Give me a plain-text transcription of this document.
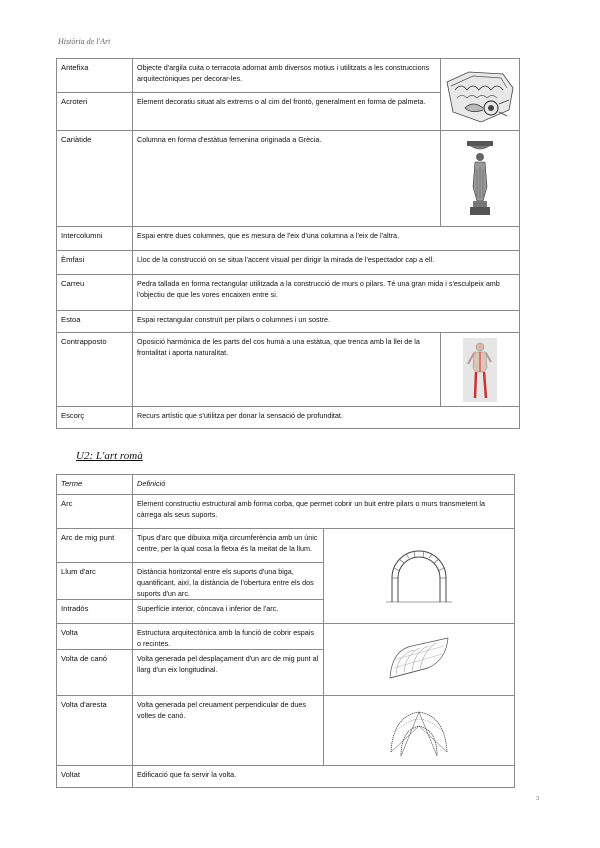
Història de l'Art
Antefixa	Objecte d'argila cuita o terracota adornat amb diversos motius i utilitzats a les construccions arquitectòniques per decorar-les.	

Acroteri	Element decoratiu situat als extrems o al cim del frontó, generalment en forma de palmeta.	
Cariàtide	Columna en forma d'estàtua femenina originada a Grècia.	

Intercolumni	Espai entre dues columnes, que es mesura de l'eix d'una columna a l'eix de l'altra.	
Èmfasi	Lloc de la construcció on se situa l'accent visual per dirigir la mirada de l'espectador cap a ell.	
Carreu	Pedra tallada en forma rectangular utilitzada a la construcció de murs o pilars. Té una gran mida i s'esculpeix amb l'objectiu de que les vores encaixen entre si.	
Estoa	Espai rectangular construït per pilars o columnes i un sostre.	
Contrapposto	Oposició harmònica de les parts del cos humà a una estàtua, que trenca amb la llei de la frontalitat i aporta naturalitat.	

Escorç	Recurs artístic que s'utilitza per donar la sensació de profunditat.	
U2: L'art romà
Terme	Definició	
Arc	Element constructiu estructural amb forma corba, que permet cobrir un buit entre pilars o murs transmetent la càrrega als seus suports.	
Arc de mig punt	Tipus d'arc que dibuixa mitja circumferència amb un únic centre, per la qual cosa la fletxa és la meitat de la llum.	

Llum d'arc	Distància horitzontal entre els suports d'una biga, quantificant, així, la distància de l'obertura entre els dos suports d'un arc.	
Intradós	Superfície interior, còncava i inferior de l'arc.	
Volta	Estructura arquitectònica amb la funció de cobrir espais o recintes.	

Volta de canó	Volta generada pel desplaçament d'un arc de mig punt al llarg d'un eix longitudinal.	
Volta d'aresta	Volta generada pel creuament perpendicular de dues voltes de canó.	

Voltat	Edificació que fa servir la volta.	
3
